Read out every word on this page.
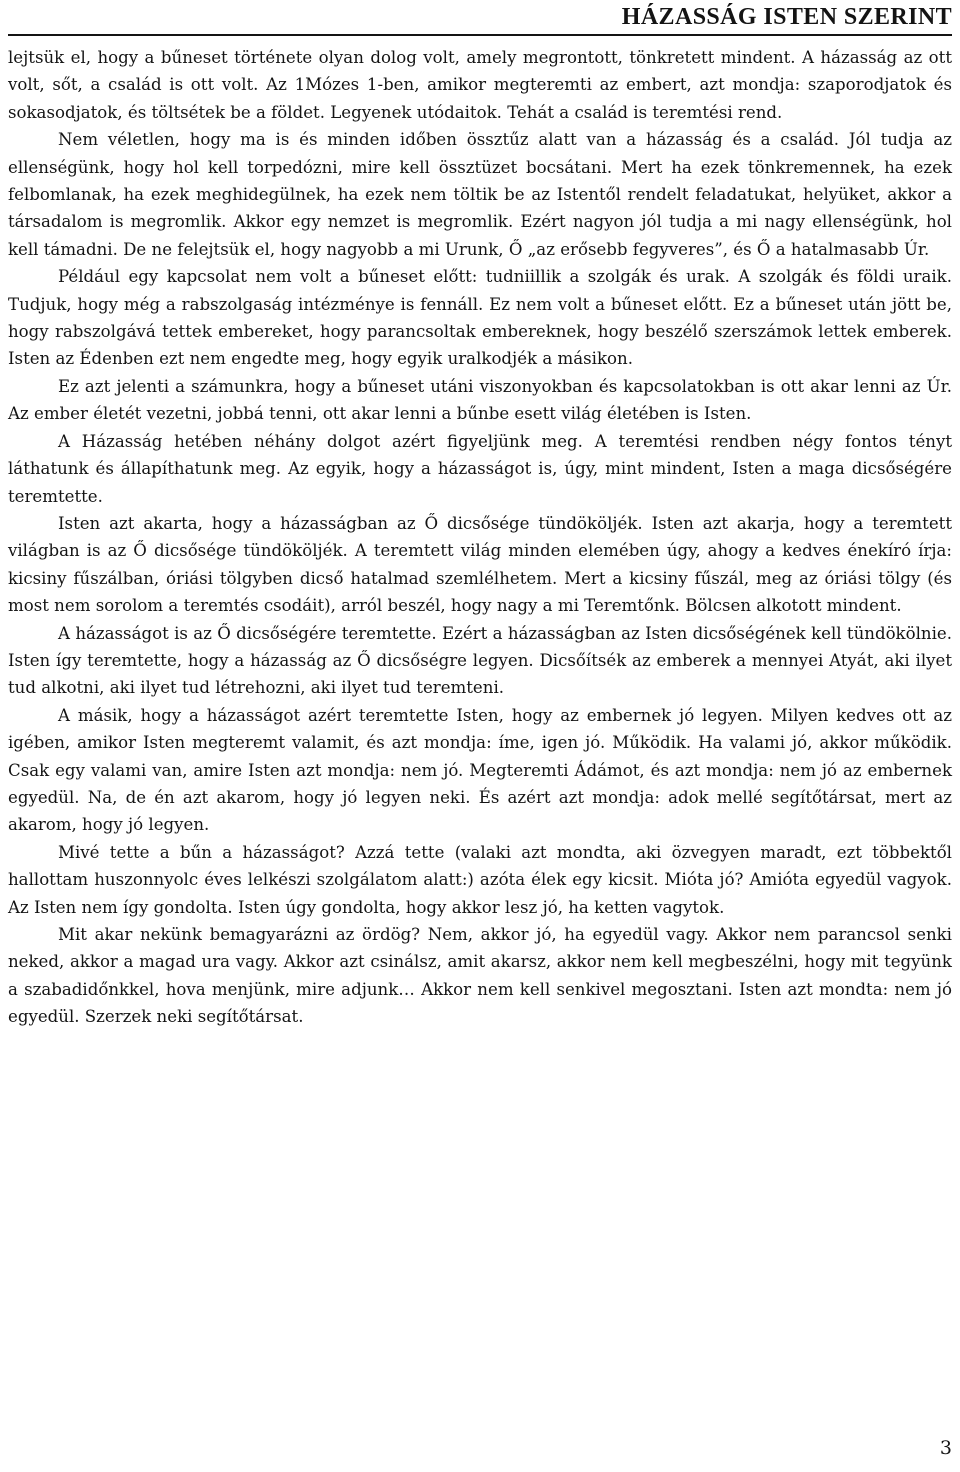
HÁZASSÁG ISTEN SZERINT

lejtsük el, hogy a bűneset története olyan dolog volt, amely megrontott, tönkretett mindent. A házasság az ott volt, sőt, a család is ott volt. Az 1Mózes 1-ben, amikor megteremti az embert, azt mondja: szaporodjatok és sokasodjatok, és töltsétek be a földet. Legyenek utódaitok. Tehát a család is teremtési rend.

Nem véletlen, hogy ma is és minden időben össztűz alatt van a házasság és a család. Jól tudja az ellenségünk, hogy hol kell torpedózni, mire kell össztüzet bocsátani. Mert ha ezek tönkremennek, ha ezek felbomlanak, ha ezek meghidegülnek, ha ezek nem töltik be az Istentől rendelt feladatukat, helyüket, akkor a társadalom is megromlik. Akkor egy nemzet is megromlik. Ezért nagyon jól tudja a mi nagy ellenségünk, hol kell támadni. De ne felejtsük el, hogy nagyobb a mi Urunk, Ő „az erősebb fegyveres”, és Ő a hatalmasabb Úr.

Például egy kapcsolat nem volt a bűneset előtt: tudniillik a szolgák és urak. A szolgák és földi uraik. Tudjuk, hogy még a rabszolgaság intézménye is fennáll. Ez nem volt a bűneset előtt. Ez a bűneset után jött be, hogy rabszolgává tettek embereket, hogy parancsoltak embereknek, hogy beszélő szerszámok lettek emberek. Isten az Édenben ezt nem engedte meg, hogy egyik uralkodjék a másikon.

Ez azt jelenti a számunkra, hogy a bűneset utáni viszonyokban és kapcsolatokban is ott akar lenni az Úr. Az ember életét vezetni, jobbá tenni, ott akar lenni a bűnbe esett világ életében is Isten.

A Házasság hetében néhány dolgot azért figyeljünk meg. A teremtési rendben négy fontos tényt láthatunk és állapíthatunk meg. Az egyik, hogy a házasságot is, úgy, mint mindent, Isten a maga dicsőségére teremtette.

Isten azt akarta, hogy a házasságban az Ő dicsősége tündököljék. Isten azt akarja, hogy a teremtett világban is az Ő dicsősége tündököljék. A teremtett világ minden elemében úgy, ahogy a kedves énekíró írja: kicsiny fűszálban, óriási tölgyben dicső hatalmad szemlélhetem. Mert a kicsiny fűszál, meg az óriási tölgy (és most nem sorolom a teremtés csodáit), arról beszél, hogy nagy a mi Teremtőnk. Bölcsen alkotott mindent.

A házasságot is az Ő dicsőségére teremtette. Ezért a házasságban az Isten dicsőségének kell tündökölnie. Isten így teremtette, hogy a házasság az Ő dicsőségre legyen. Dicsőítsék az emberek a mennyei Atyát, aki ilyet tud alkotni, aki ilyet tud létrehozni, aki ilyet tud teremteni.

A másik, hogy a házasságot azért teremtette Isten, hogy az embernek jó legyen. Milyen kedves ott az igében, amikor Isten megteremt valamit, és azt mondja: íme, igen jó. Működik. Ha valami jó, akkor működik. Csak egy valami van, amire Isten azt mondja: nem jó. Megteremti Ádámot, és azt mondja: nem jó az embernek egyedül. Na, de én azt akarom, hogy jó legyen neki. És azért azt mondja: adok mellé segítőtársat, mert az akarom, hogy jó legyen.

Mivé tette a bűn a házasságot? Azzá tette (valaki azt mondta, aki özvegyen maradt, ezt többektől hallottam huszonnyolc éves lelkészi szolgálatom alatt:) azóta élek egy kicsit. Mióta jó? Amióta egyedül vagyok. Az Isten nem így gondolta. Isten úgy gondolta, hogy akkor lesz jó, ha ketten vagytok.

Mit akar nekünk bemagyarázni az ördög? Nem, akkor jó, ha egyedül vagy. Akkor nem parancsol senki neked, akkor a magad ura vagy. Akkor azt csinálsz, amit akarsz, akkor nem kell megbeszélni, hogy mit tegyünk a szabadidőnkkel, hova menjünk, mire adjunk… Akkor nem kell senkivel megosztani. Isten azt mondta: nem jó egyedül. Szerzek neki segítőtársat.

3
